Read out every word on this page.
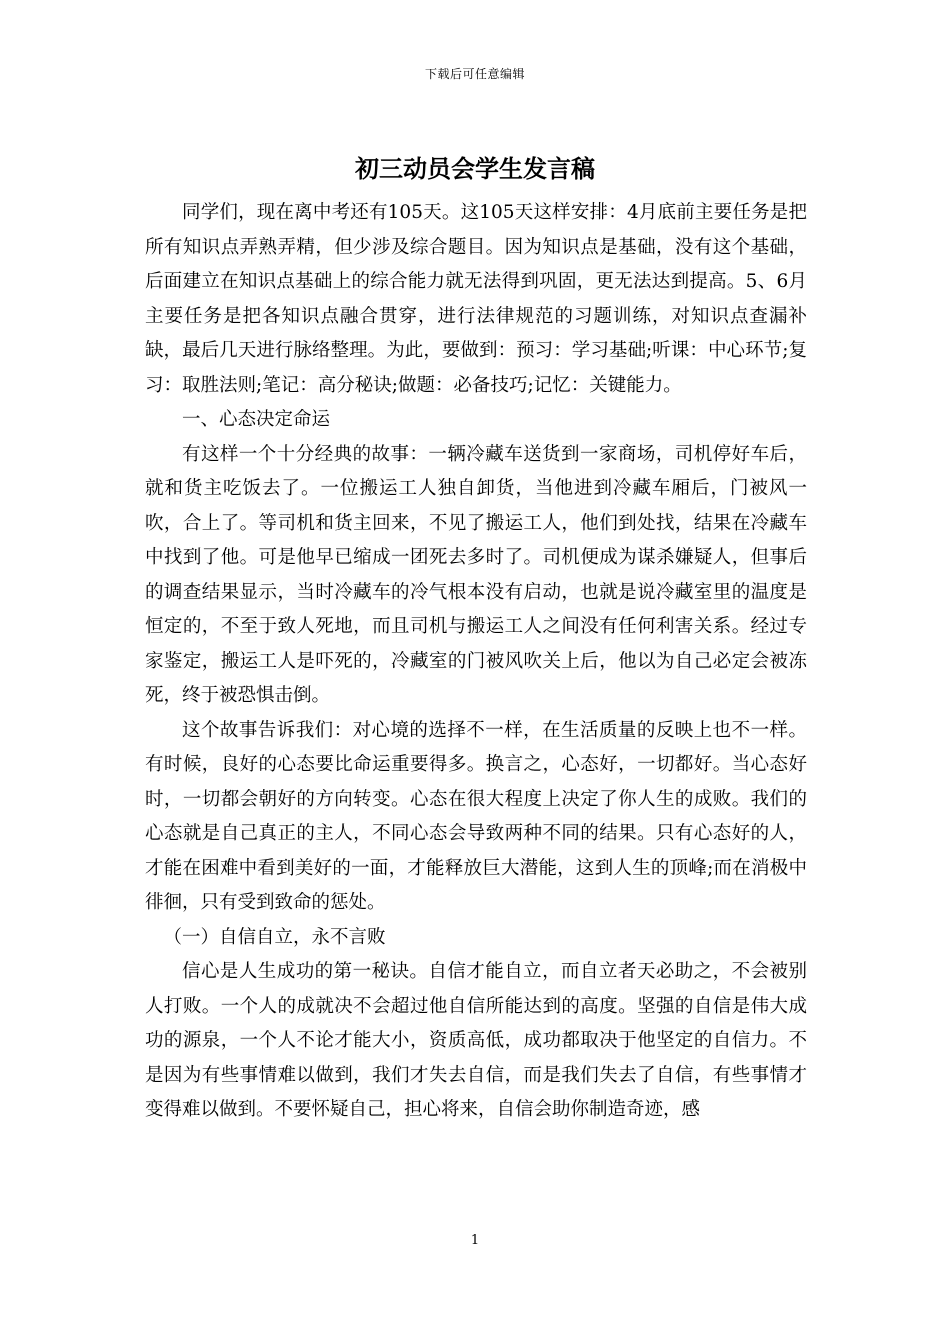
下载后可任意编辑
初三动员会学生发言稿

同学们，现在离中考还有105天。这105天这样安排：4月底前主要任务是把所有知识点弄熟弄精，但少涉及综合题目。因为知识点是基础，没有这个基础，后面建立在知识点基础上的综合能力就无法得到巩固，更无法达到提高。5、6月主要任务是把各知识点融合贯穿，进行法律规范的习题训练，对知识点查漏补缺，最后几天进行脉络整理。为此，要做到：预习：学习基础;听课：中心环节;复习：取胜法则;笔记：高分秘诀;做题：必备技巧;记忆：关键能力。

一、心态决定命运

有这样一个十分经典的故事：一辆冷藏车送货到一家商场，司机停好车后，就和货主吃饭去了。一位搬运工人独自卸货，当他进到冷藏车厢后，门被风一吹，合上了。等司机和货主回来，不见了搬运工人，他们到处找，结果在冷藏车中找到了他。可是他早已缩成一团死去多时了。司机便成为谋杀嫌疑人，但事后的调查结果显示，当时冷藏车的冷气根本没有启动，也就是说冷藏室里的温度是恒定的，不至于致人死地，而且司机与搬运工人之间没有任何利害关系。经过专家鉴定，搬运工人是吓死的，冷藏室的门被风吹关上后，他以为自己必定会被冻死，终于被恐惧击倒。

这个故事告诉我们：对心境的选择不一样，在生活质量的反映上也不一样。有时候，良好的心态要比命运重要得多。换言之，心态好，一切都好。当心态好时，一切都会朝好的方向转变。心态在很大程度上决定了你人生的成败。我们的心态就是自己真正的主人，不同心态会导致两种不同的结果。只有心态好的人，才能在困难中看到美好的一面，才能释放巨大潜能，这到人生的顶峰;而在消极中徘徊，只有受到致命的惩处。

（一）自信自立，永不言败

信心是人生成功的第一秘诀。自信才能自立，而自立者天必助之，不会被别人打败。一个人的成就决不会超过他自信所能达到的高度。坚强的自信是伟大成功的源泉，一个人不论才能大小，资质高低，成功都取决于他坚定的自信力。不是因为有些事情难以做到，我们才失去自信，而是我们失去了自信，有些事情才变得难以做到。不要怀疑自己，担心将来，自信会助你制造奇迹，感

1
